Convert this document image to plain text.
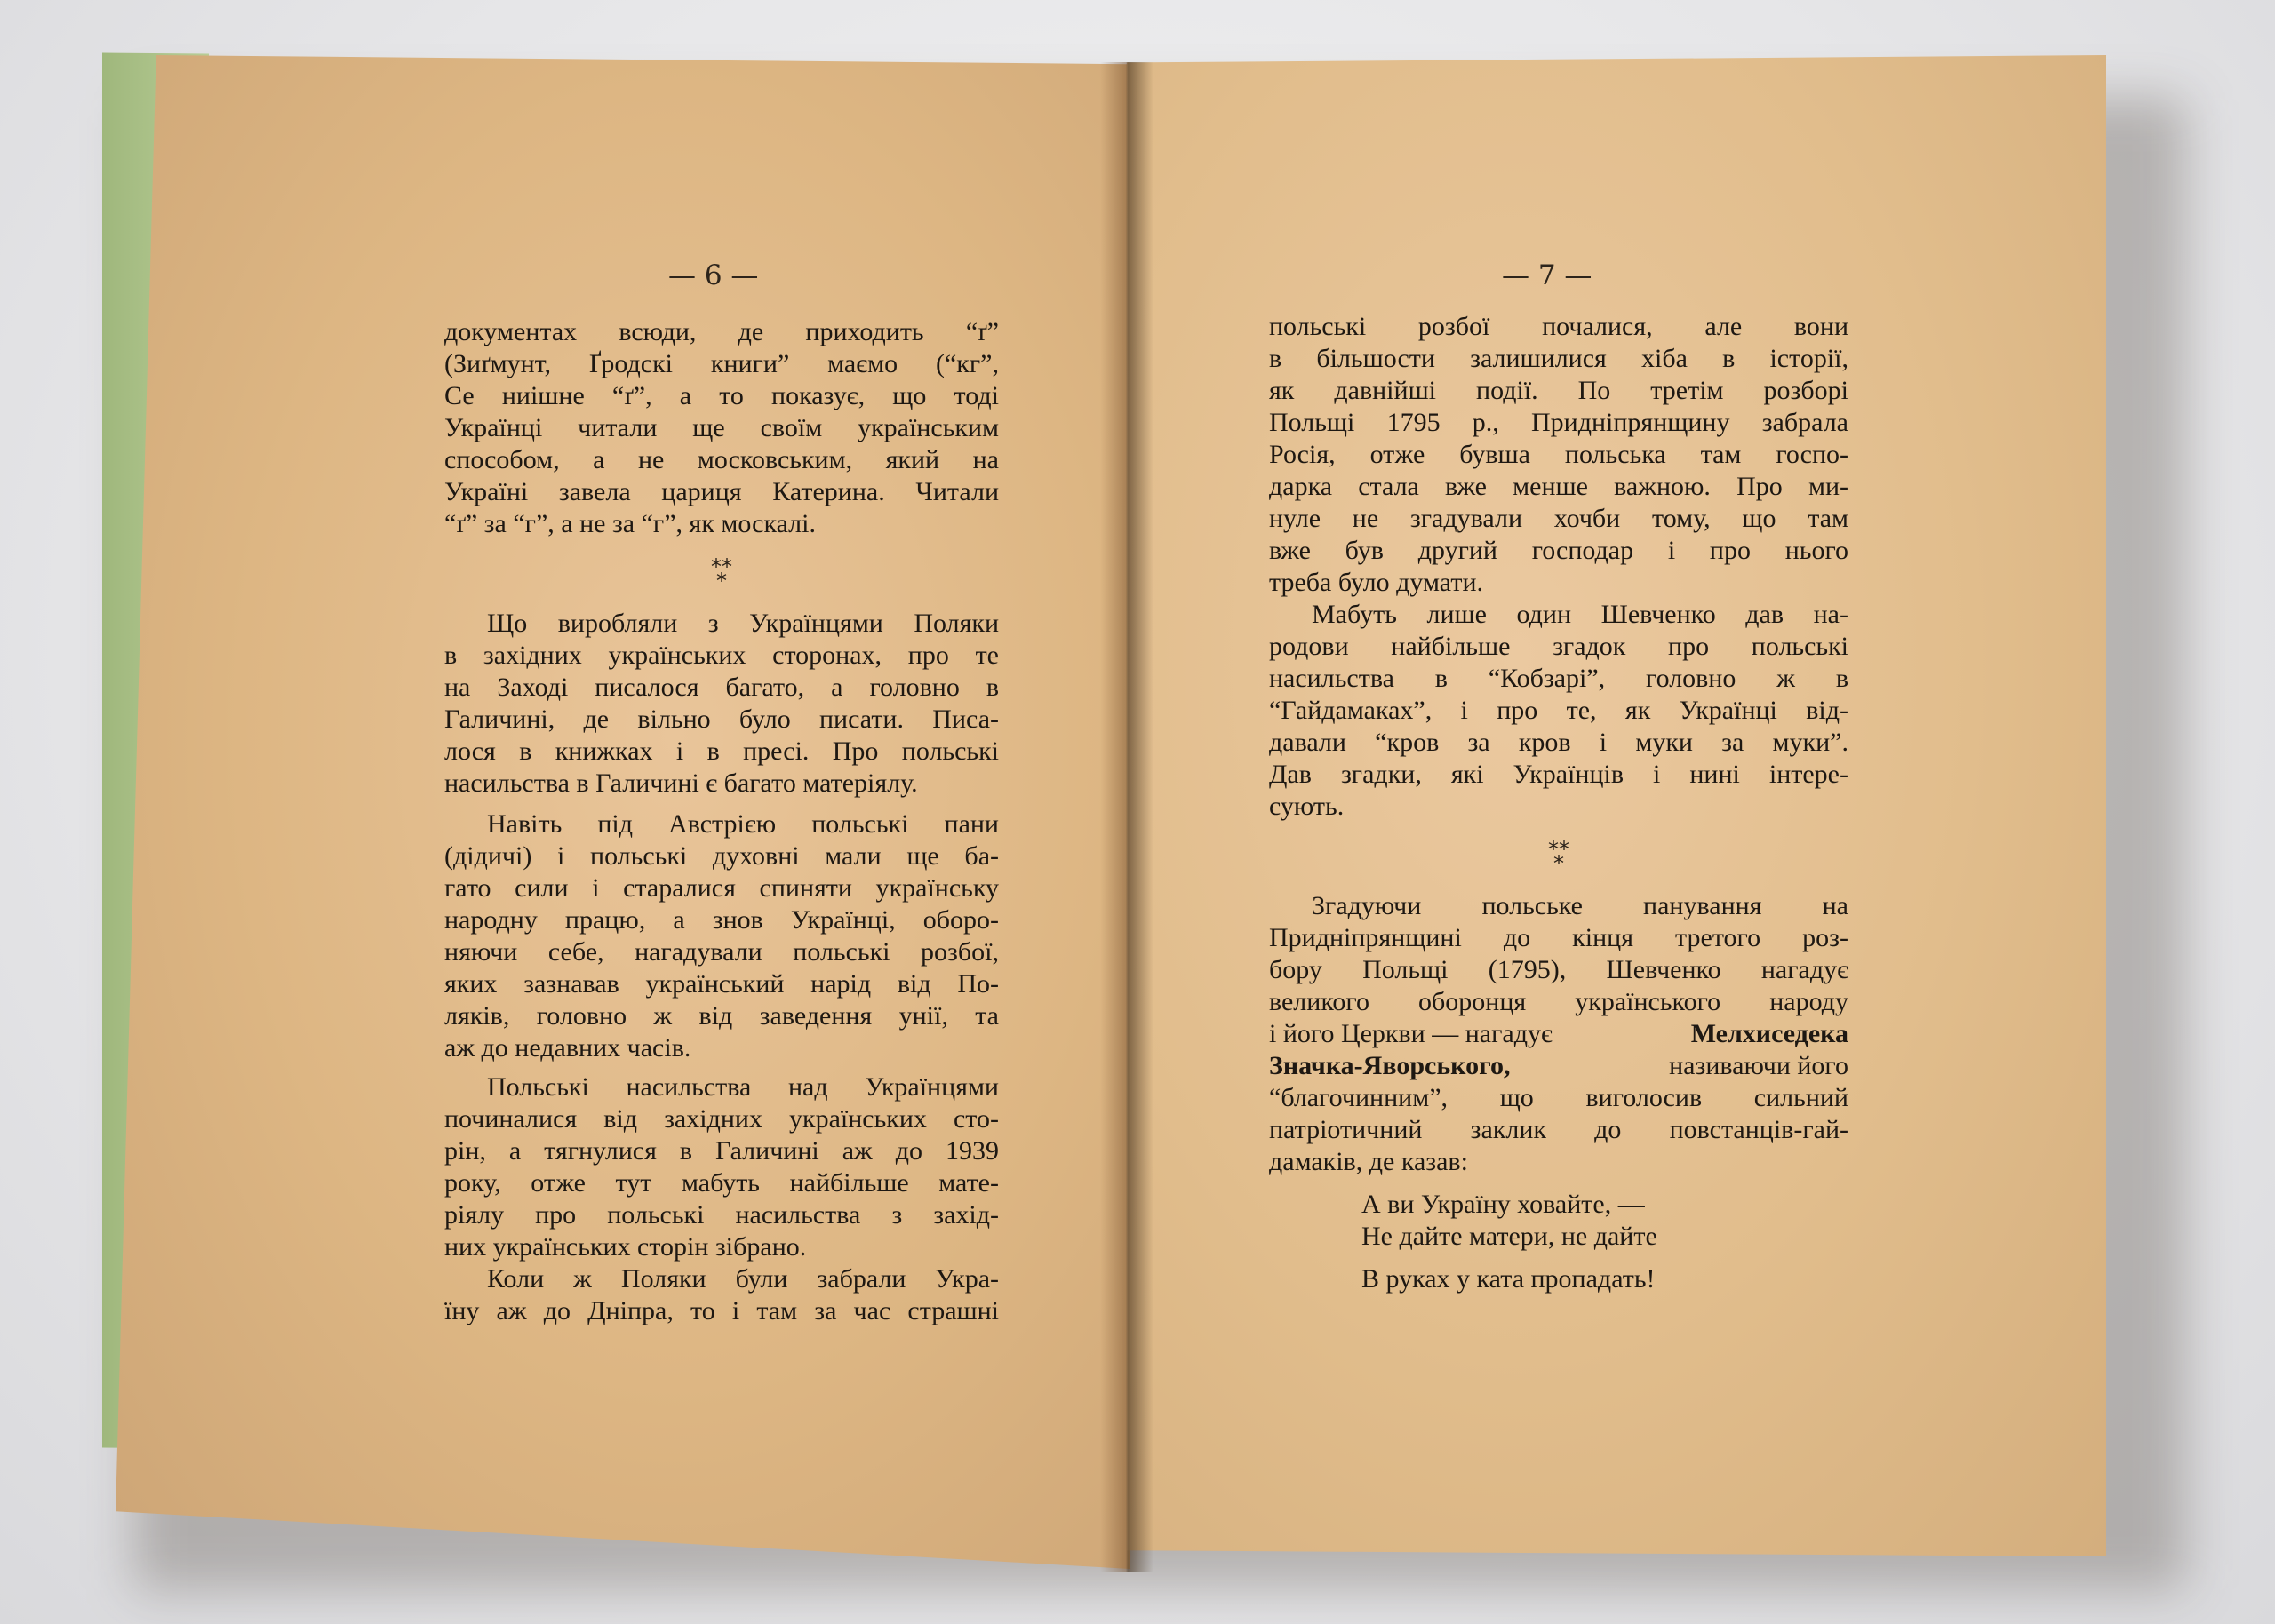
— 6 —	— 7 —
документах всюди, де приходить “ґ”
(Зиґмунт, Ґродскі книги” маємо (“кг”,
Се ниішне “ґ”, а то показує, що тоді
Українці читали ще своїм українським
способом, а не московським, який на
Україні завела цариця Катерина. Читали
“ґ” за “г”, а не за “г”, як москалі.
**
*
Що виробляли з Українцями Поляки
в західних українських сторонах, про те
на Заході писалося багато, а головно в
Галичині, де вільно було писати. Писа-
лося в книжках і в пресі. Про польські
насильства в Галичині є багато матеріялу.
Навіть під Австрією польські пани
(дідичі) і польські духовні мали ще ба-
гато сили і старалися спиняти українську
народну працю, а знов Українці, оборо-
няючи себе, нагадували польські розбої,
яких зазнавав український нарід від По-
ляків, головно ж від заведення унії, та
аж до недавних часів.
Польські насильства над Українцями
починалися від західних українських сто-
рін, а тягнулися в Галичині аж до 1939
року, отже тут мабуть найбільше мате-
ріялу про польські насильства з захід-
них українських сторін зібрано.
Коли ж Поляки були забрали Укра-
їну аж до Дніпра, то і там за час страшні
польські розбої почалися, але вони
в більшости залишилися хіба в історії,
як давнійші події. По третім розборі
Польщі 1795 р., Придніпрянщину забрала
Росія, отже бувша польська там госпо-
дарка стала вже менше важною. Про ми-
нуле не згадували хочби тому, що там
вже був другий господар і про нього
треба було думати.
Мабуть лише один Шевченко дав на-
родови найбільше згадок про польські
насильства в “Кобзарі”, головно ж в
“Гайдамаках”, і про те, як Українці від-
давали “кров за кров і муки за муки”.
Дав згадки, які Українців і нині інтере-
сують.
**
*
Згадуючи польське панування на
Придніпрянщині до кінця третого роз-
бору Польщі (1795), Шевченко нагадує
великого оборонця українського народу
і його Церкви — нагадує	Мелхиседека
Значка-Яворського,	називаючи його
“благочинним”, що виголосив сильний
патріотичний заклик до повстанців-гай-
дамаків, де казав:
А ви Україну ховайте, —
Не дайте матери, не дайте
В руках у ката пропадать!
